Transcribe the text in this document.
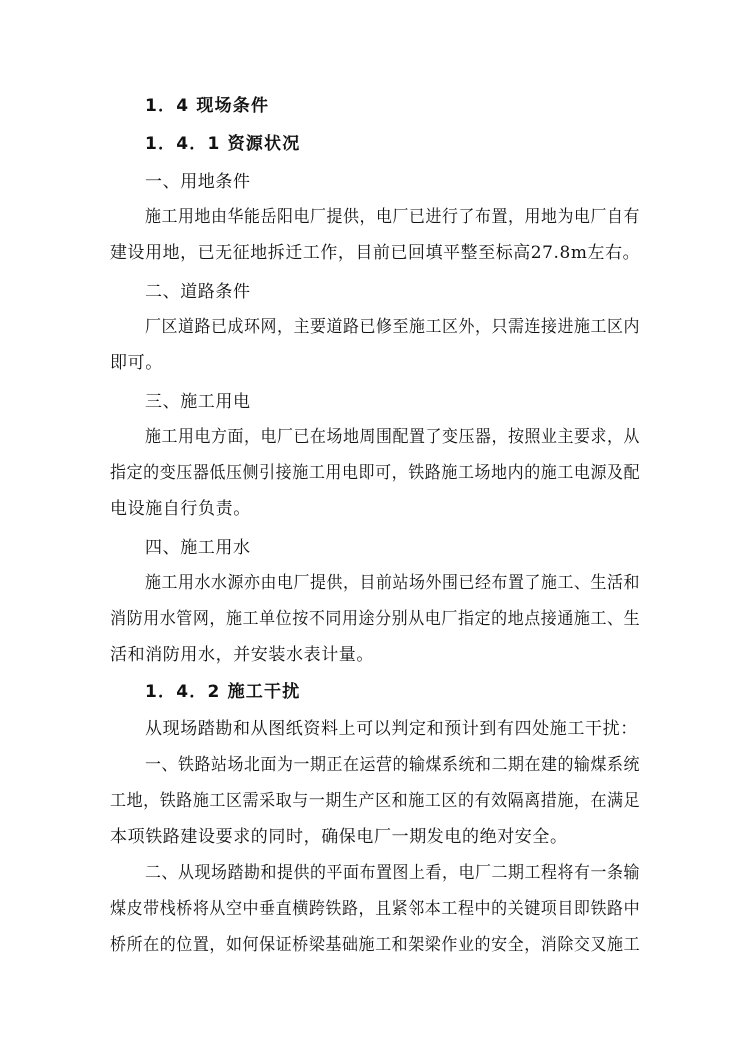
1．4 现场条件
1．4．1 资源状况
一、用地条件
施工用地由华能岳阳电厂提供，电厂已进行了布置，用地为电厂自有
建设用地，已无征地拆迁工作，目前已回填平整至标高27.8m左右。
二、道路条件
厂区道路已成环网，主要道路已修至施工区外，只需连接进施工区内
即可。
三、施工用电
施工用电方面，电厂已在场地周围配置了变压器，按照业主要求，从
指定的变压器低压侧引接施工用电即可，铁路施工场地内的施工电源及配
电设施自行负责。
四、施工用水
施工用水水源亦由电厂提供，目前站场外围已经布置了施工、生活和
消防用水管网，施工单位按不同用途分别从电厂指定的地点接通施工、生
活和消防用水，并安装水表计量。
1．4．2 施工干扰
从现场踏勘和从图纸资料上可以判定和预计到有四处施工干扰：
一、铁路站场北面为一期正在运营的输煤系统和二期在建的输煤系统
工地，铁路施工区需采取与一期生产区和施工区的有效隔离措施，在满足
本项铁路建设要求的同时，确保电厂一期发电的绝对安全。
二、从现场踏勘和提供的平面布置图上看，电厂二期工程将有一条输
煤皮带栈桥将从空中垂直横跨铁路，且紧邻本工程中的关键项目即铁路中
桥所在的位置，如何保证桥梁基础施工和架梁作业的安全，消除交叉施工
